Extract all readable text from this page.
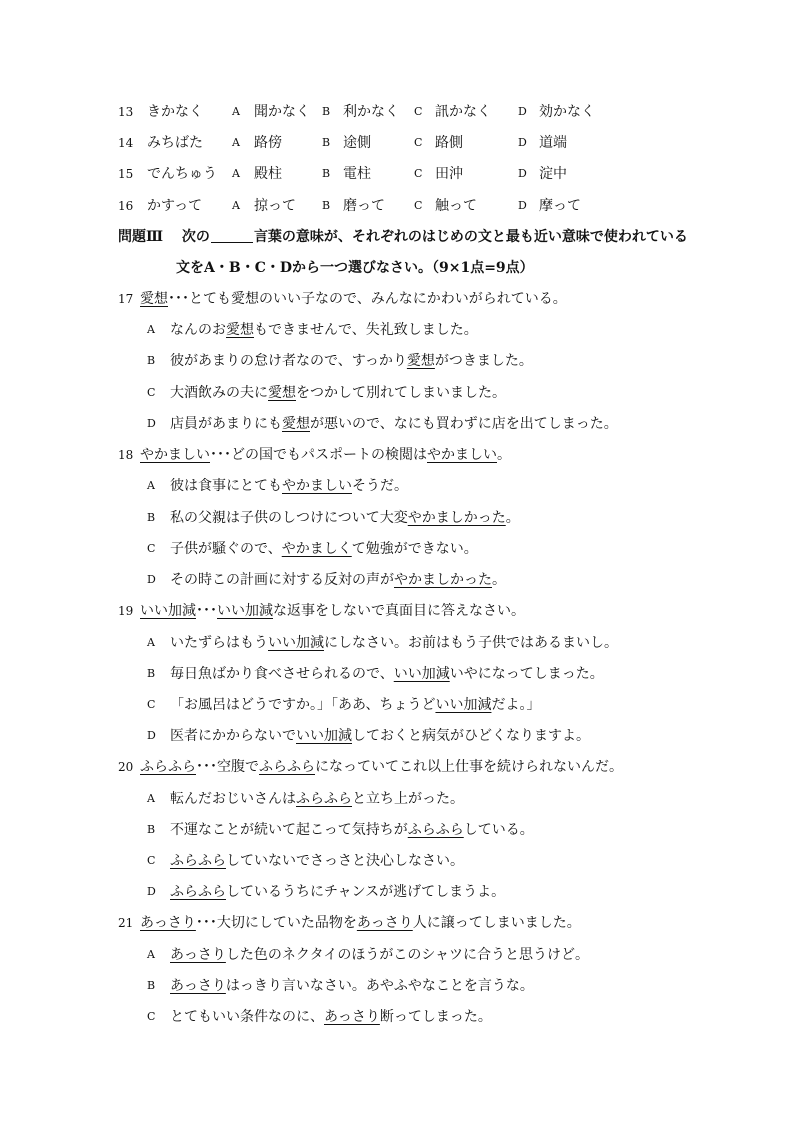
13 きかなく	A 聞かなく B 利かなく C 訊かなく D 効かなく
14 みちばた	A 路傍	B 途側	C 路側	D 道端
15 でんちゅう A 殿柱	B 電柱	C 田沖	D 淀中
16 かすって	A 掠って B 磨って	C 触って	D 摩って
問題Ⅲ　 次の	言葉の意味が、それぞれのはじめの文と最も近い意味で使われている
文をA・B・C・Dから一つ選びなさい。（9×1点=9点）
17 愛想･･･とても愛想のいい子なので、みんなにかわいがられている。
A なんのお愛想もできませんで、失礼致しました。
B 彼があまりの怠け者なので、すっかり愛想がつきました。
C 大酒飲みの夫に愛想をつかして別れてしまいました。
D 店員があまりにも愛想が悪いので、なにも買わずに店を出てしまった。
18 やかましい･･･どの国でもパスポートの検閲はやかましい。
A 彼は食事にとてもやかましいそうだ。
B 私の父親は子供のしつけについて大変やかましかった。
C 子供が騒ぐので、やかましくて勉強ができない。
D その時この計画に対する反対の声がやかましかった。
19 いい加減･･･いい加減な返事をしないで真面目に答えなさい。
A いたずらはもういい加減にしなさい。お前はもう子供ではあるまいし。
B 毎日魚ばかり食べさせられるので、いい加減いやになってしまった。
C 「お風呂はどうですか。」「ああ、ちょうどいい加減だよ。」
D 医者にかからないでいい加減しておくと病気がひどくなりますよ。
20 ふらふら･･･空腹でふらふらになっていてこれ以上仕事を続けられないんだ。
A 転んだおじいさんはふらふらと立ち上がった。
B 不運なことが続いて起こって気持ちがふらふらしている。
C ふらふらしていないでさっさと決心しなさい。
D ふらふらしているうちにチャンスが逃げてしまうよ。
21 あっさり･･･大切にしていた品物をあっさり人に譲ってしまいました。
A あっさりした色のネクタイのほうがこのシャツに合うと思うけど。
B あっさりはっきり言いなさい。あやふやなことを言うな。
C とてもいい条件なのに、あっさり断ってしまった。
